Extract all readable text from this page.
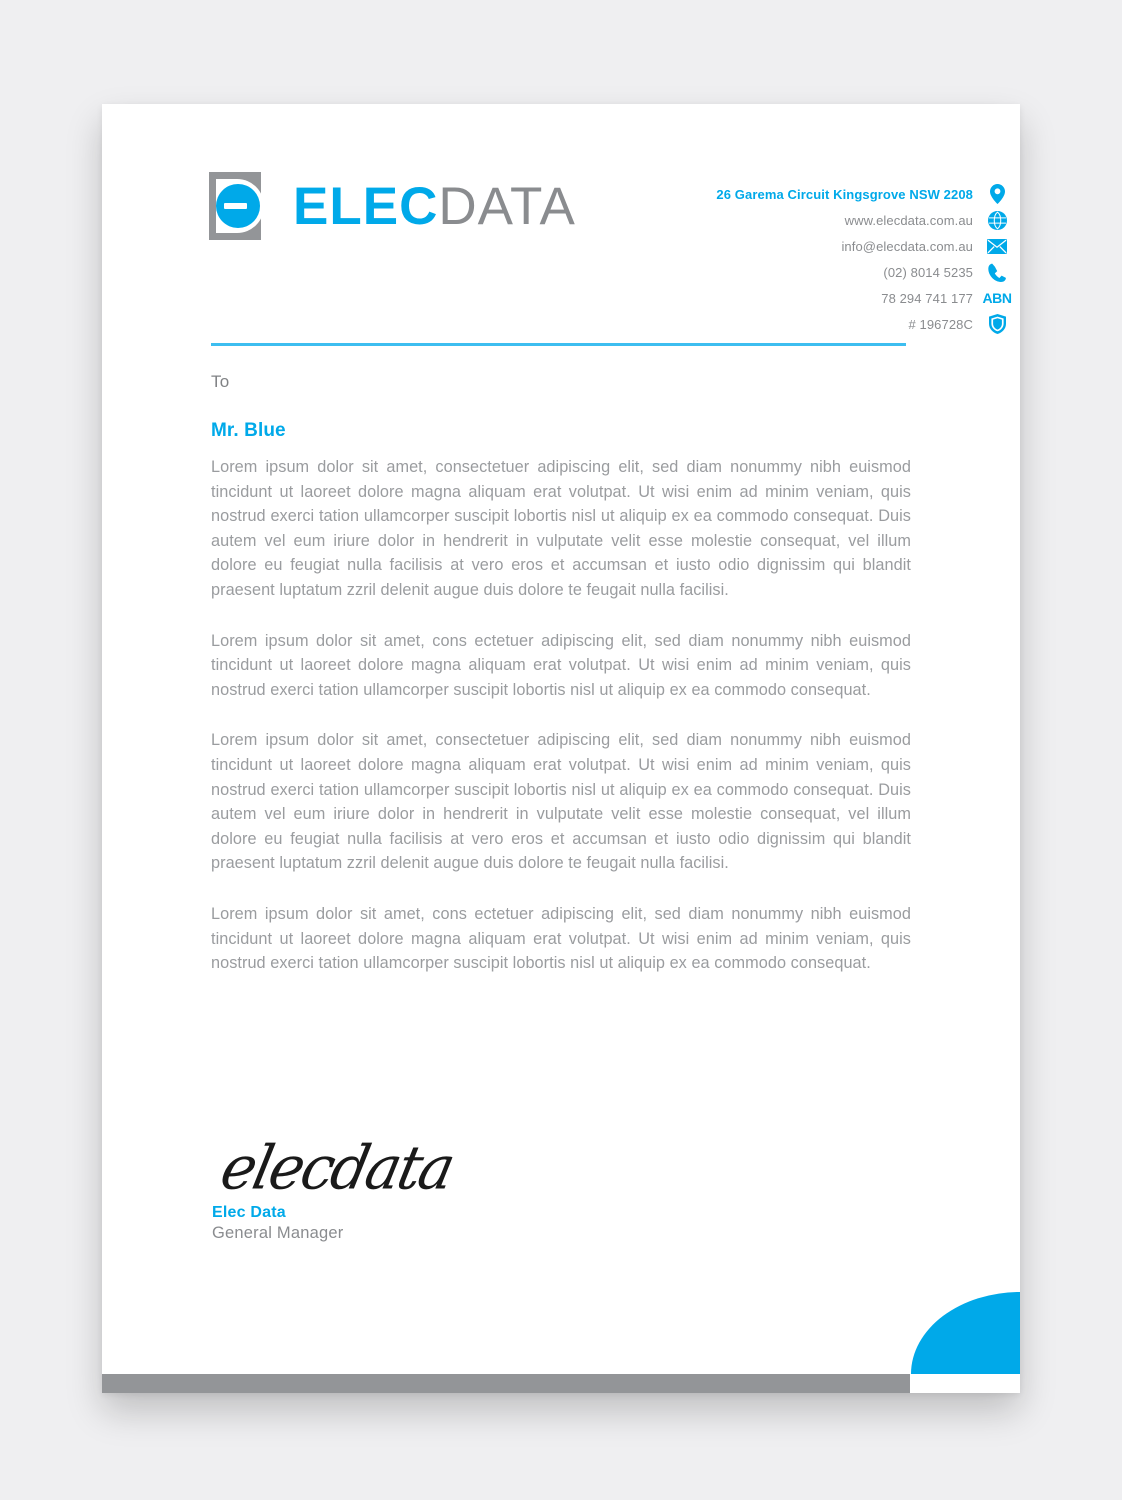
ELECDATA	26 Garema Circuit Kingsgrove NSW 2208
www.elecdata.com.au
info@elecdata.com.au
(02) 8014 5235
78 294 741 177 ABN
# 196728C

To

Mr. Blue

Lorem ipsum dolor sit amet, consectetuer adipiscing elit, sed diam nonummy nibh euismod tincidunt ut laoreet dolore magna aliquam erat volutpat. Ut wisi enim ad minim veniam, quis nostrud exerci tation ullamcorper suscipit lobortis nisl ut aliquip ex ea commodo consequat. Duis autem vel eum iriure dolor in hendrerit in vulputate velit esse molestie consequat, vel illum dolore eu feugiat nulla facilisis at vero eros et accumsan et iusto odio dignissim qui blandit praesent luptatum zzril delenit augue duis dolore te feugait nulla facilisi.

Lorem ipsum dolor sit amet, cons ectetuer adipiscing elit, sed diam nonummy nibh euismod tincidunt ut laoreet dolore magna aliquam erat volutpat. Ut wisi enim ad minim veniam, quis nostrud exerci tation ullamcorper suscipit lobortis nisl ut aliquip ex ea commodo consequat.

Lorem ipsum dolor sit amet, consectetuer adipiscing elit, sed diam nonummy nibh euismod tincidunt ut laoreet dolore magna aliquam erat volutpat. Ut wisi enim ad minim veniam, quis nostrud exerci tation ullamcorper suscipit lobortis nisl ut aliquip ex ea commodo consequat. Duis autem vel eum iriure dolor in hendrerit in vulputate velit esse molestie consequat, vel illum dolore eu feugiat nulla facilisis at vero eros et accumsan et iusto odio dignissim qui blandit praesent luptatum zzril delenit augue duis dolore te feugait nulla facilisi.

Lorem ipsum dolor sit amet, cons ectetuer adipiscing elit, sed diam nonummy nibh euismod tincidunt ut laoreet dolore magna aliquam erat volutpat. Ut wisi enim ad minim veniam, quis nostrud exerci tation ullamcorper suscipit lobortis nisl ut aliquip ex ea commodo consequat.

elecdata

Elec Data

General Manager
